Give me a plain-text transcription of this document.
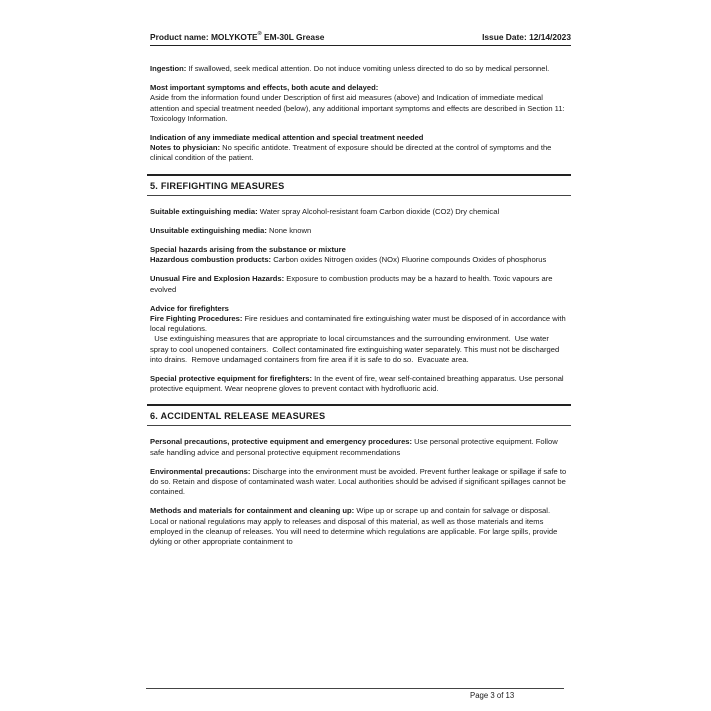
Product name: MOLYKOTE® EM-30L Grease	Issue Date: 12/14/2023

Ingestion: If swallowed, seek medical attention. Do not induce vomiting unless directed to do so by medical personnel.

Most important symptoms and effects, both acute and delayed:

Aside from the information found under Description of first aid measures (above) and Indication of immediate medical attention and special treatment needed (below), any additional important symptoms and effects are described in Section 11: Toxicology Information.

Indication of any immediate medical attention and special treatment needed

Notes to physician: No specific antidote. Treatment of exposure should be directed at the control of symptoms and the clinical condition of the patient.

5. FIREFIGHTING MEASURES

Suitable extinguishing media: Water spray Alcohol-resistant foam Carbon dioxide (CO2) Dry chemical

Unsuitable extinguishing media: None known

Special hazards arising from the substance or mixture

Hazardous combustion products: Carbon oxides Nitrogen oxides (NOx) Fluorine compounds Oxides of phosphorus

Unusual Fire and Explosion Hazards: Exposure to combustion products may be a hazard to health. Toxic vapours are evolved

Advice for firefighters

Fire Fighting Procedures: Fire residues and contaminated fire extinguishing water must be disposed of in accordance with local regulations.

Use extinguishing measures that are appropriate to local circumstances and the surrounding environment.  Use water spray to cool unopened containers.  Collect contaminated fire extinguishing water separately. This must not be discharged into drains.  Remove undamaged containers from fire area if it is safe to do so.  Evacuate area.

Special protective equipment for firefighters: In the event of fire, wear self-contained breathing apparatus. Use personal protective equipment. Wear neoprene gloves to prevent contact with hydrofluoric acid.

6. ACCIDENTAL RELEASE MEASURES

Personal precautions, protective equipment and emergency procedures: Use personal protective equipment. Follow safe handling advice and personal protective equipment recommendations

Environmental precautions: Discharge into the environment must be avoided. Prevent further leakage or spillage if safe to do so. Retain and dispose of contaminated wash water. Local authorities should be advised if significant spillages cannot be contained.

Methods and materials for containment and cleaning up: Wipe up or scrape up and contain for salvage or disposal. Local or national regulations may apply to releases and disposal of this material, as well as those materials and items employed in the cleanup of releases. You will need to determine which regulations are applicable. For large spills, provide dyking or other appropriate containment to

Page 3 of 13
